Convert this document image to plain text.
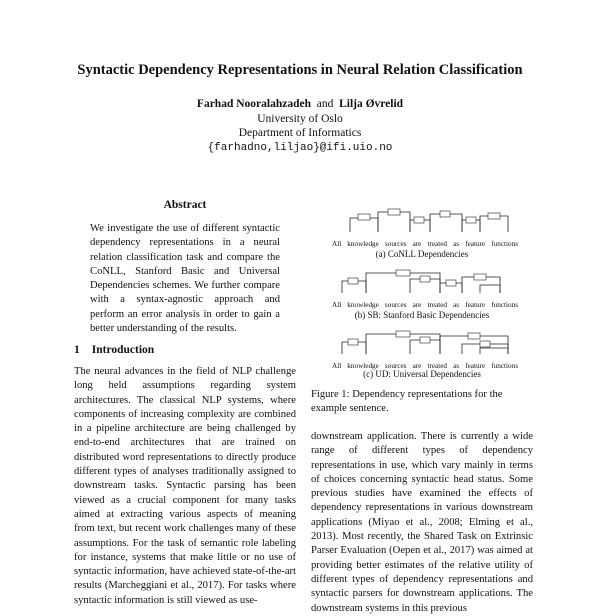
Syntactic Dependency Representations in Neural Relation Classification
Farhad Nooralahzadeh and Lilja Øvrelid
University of Oslo
Department of Informatics
{farhadno,liljao}@ifi.uio.no
Abstract
We investigate the use of different syntactic dependency representations in a neural relation classification task and compare the CoNLL, Stanford Basic and Universal Dependencies schemes. We further compare with a syntax-agnostic approach and perform an error analysis in order to gain a better understanding of the results.
1 Introduction
The neural advances in the field of NLP challenge long held assumptions regarding system architectures. The classical NLP systems, where components of increasing complexity are combined in a pipeline architecture are being challenged by end-to-end architectures that are trained on distributed word representations to directly produce different types of analyses traditionally assigned to downstream tasks. Syntactic parsing has been viewed as a crucial component for many tasks aimed at extracting various aspects of meaning from text, but recent work challenges many of these assumptions. For the task of semantic role labeling for instance, systems that make little or no use of syntactic information, have achieved state-of-the-art results (Marcheggiani et al., 2017). For tasks where syntactic information is still viewed as use-
All knowledge sources are treated as feature functions
(a) CoNLL Dependencies
All knowledge sources are treated as feature functions
(b) SB: Stanford Basic Dependencies
All knowledge sources are treated as feature functions
(c) UD: Universal Dependencies
Figure 1: Dependency representations for the example sentence.
downstream application. There is currently a wide range of different types of dependency representations in use, which vary mainly in terms of choices concerning syntactic head status. Some previous studies have examined the effects of dependency representations in various downstream applications (Miyao et al., 2008; Elming et al., 2013). Most recently, the Shared Task on Extrinsic Parser Evaluation (Oepen et al., 2017) was aimed at providing better estimates of the relative utility of different types of dependency representations and syntactic parsers for downstream applications. The downstream systems in this previous
